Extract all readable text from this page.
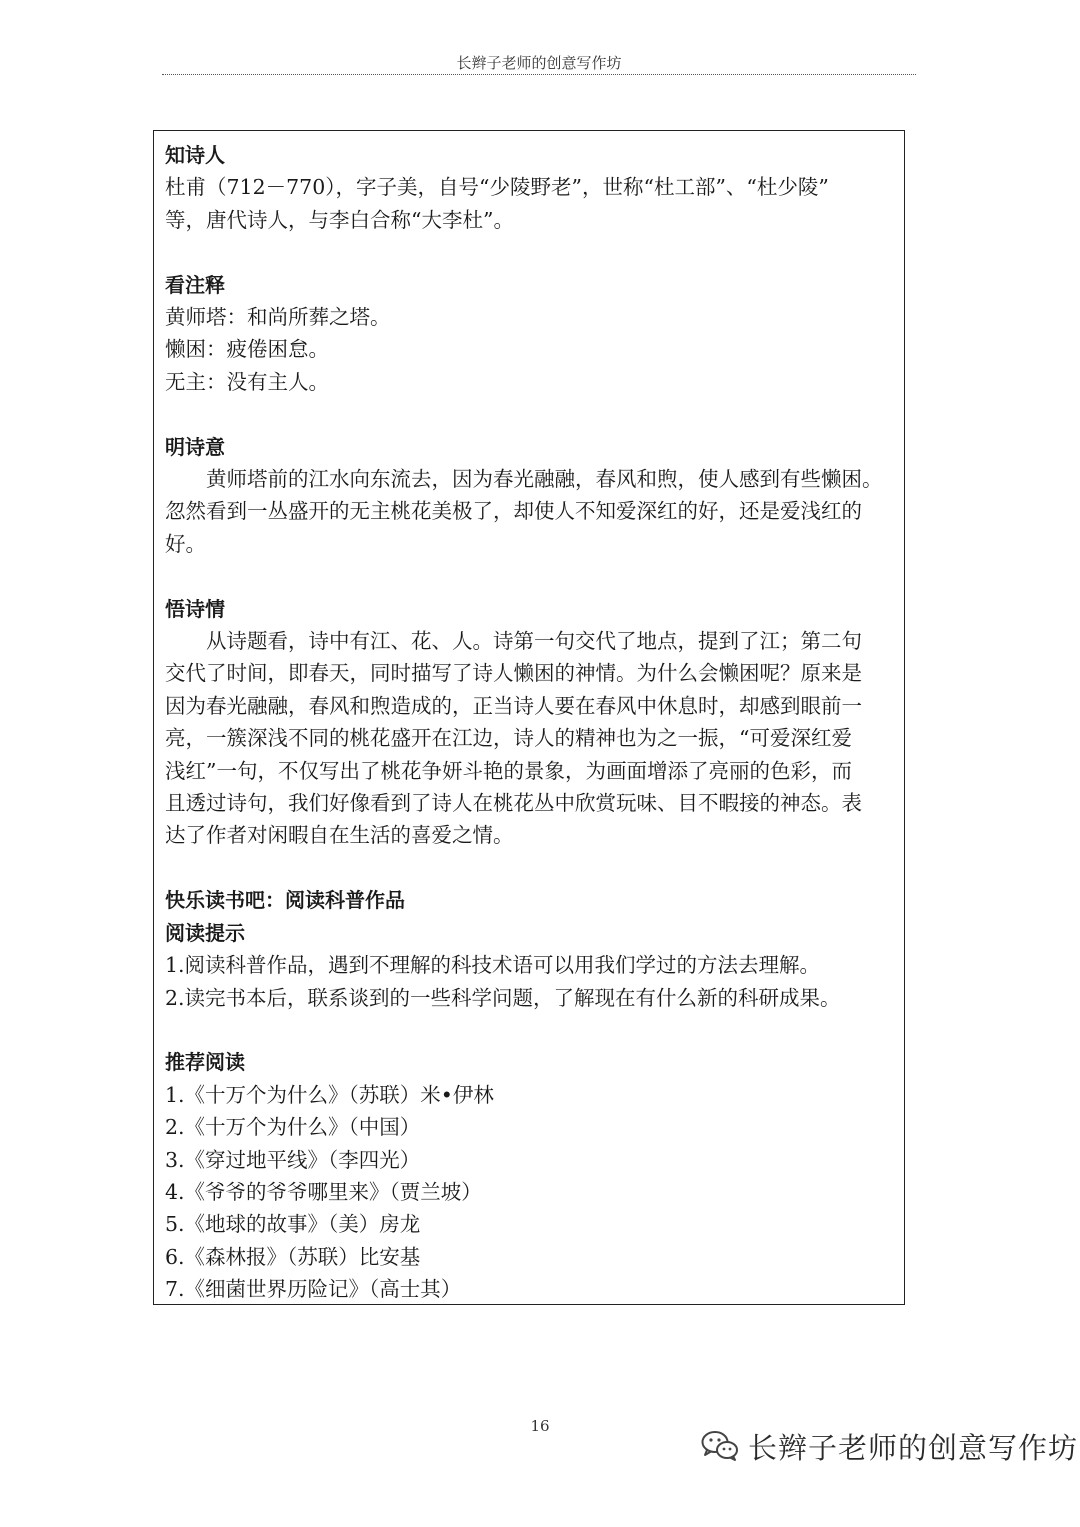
长辫子老师的创意写作坊
知诗人
杜甫（712－770），字子美，自号“少陵野老”，世称“杜工部”、“杜少陵”
等，唐代诗人，与李白合称“大李杜”。
看注释
黄师塔：和尚所葬之塔。
懒困：疲倦困怠。
无主：没有主人。
明诗意
黄师塔前的江水向东流去，因为春光融融，春风和煦，使人感到有些懒困。
忽然看到一丛盛开的无主桃花美极了，却使人不知爱深红的好，还是爱浅红的
好。
悟诗情
从诗题看，诗中有江、花、人。诗第一句交代了地点，提到了江；第二句
交代了时间，即春天，同时描写了诗人懒困的神情。为什么会懒困呢？原来是
因为春光融融，春风和煦造成的，正当诗人要在春风中休息时，却感到眼前一
亮，一簇深浅不同的桃花盛开在江边，诗人的精神也为之一振，“可爱深红爱
浅红”一句，不仅写出了桃花争妍斗艳的景象，为画面增添了亮丽的色彩，而
且透过诗句，我们好像看到了诗人在桃花丛中欣赏玩味、目不暇接的神态。表
达了作者对闲暇自在生活的喜爱之情。
快乐读书吧：阅读科普作品
阅读提示
1.阅读科普作品，遇到不理解的科技术语可以用我们学过的方法去理解。
2.读完书本后，联系谈到的一些科学问题，了解现在有什么新的科研成果。
推荐阅读
1.《十万个为什么》（苏联）米•伊林
2.《十万个为什么》（中国）
3.《穿过地平线》（李四光）
4.《爷爷的爷爷哪里来》（贾兰坡）
5.《地球的故事》（美）房龙
6.《森林报》（苏联）比安基
7.《细菌世界历险记》（高士其）
16
长辫子老师的创意写作坊
